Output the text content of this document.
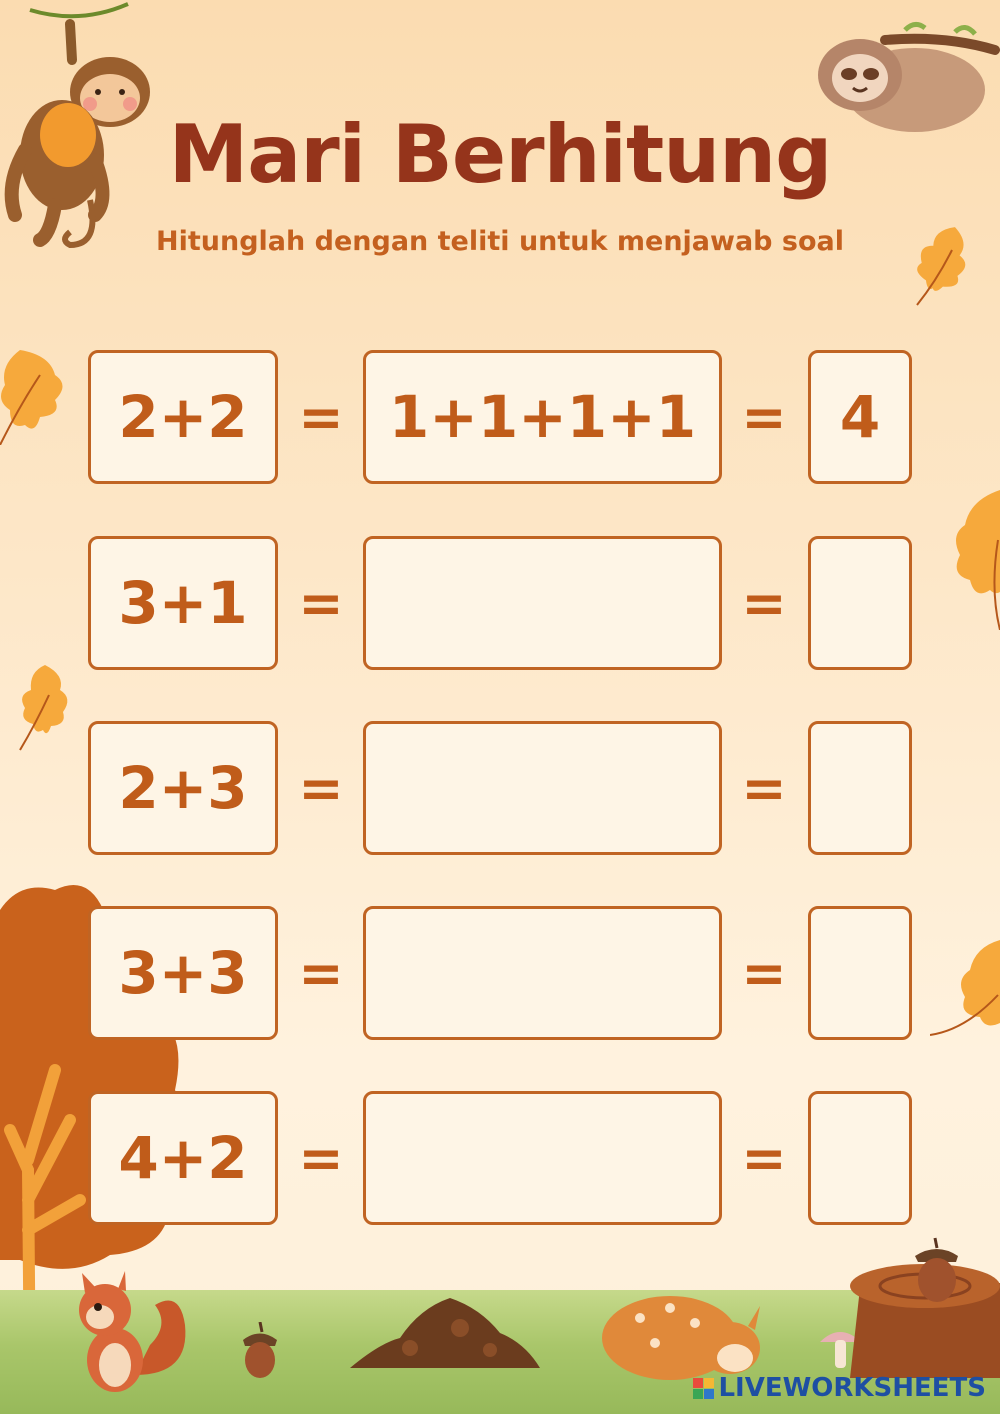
Mari Berhitung
Hitunglah dengan teliti untuk menjawab soal
2+2 = 1+1+1+1 = 4
3+1 =	=
2+3 =	=
3+3 =	=
4+2 =	=
LIVEWORKSHEETS
